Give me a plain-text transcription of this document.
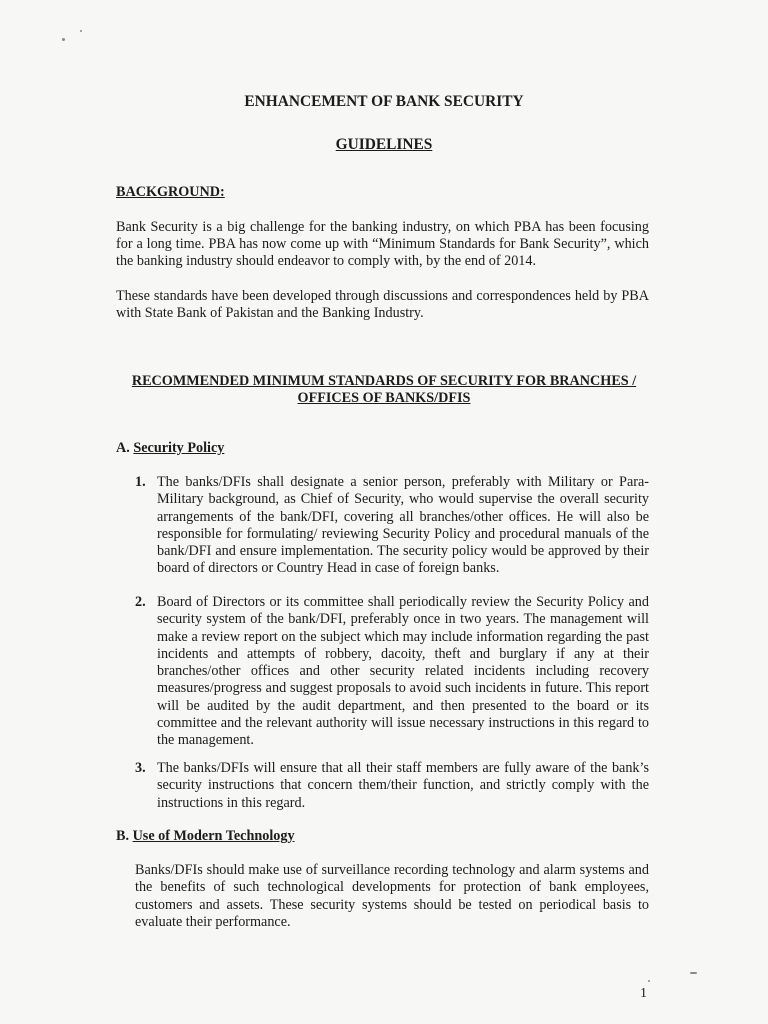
ENHANCEMENT OF BANK SECURITY
GUIDELINES
BACKGROUND:

Bank Security is a big challenge for the banking industry, on which PBA has been focusing for a long time. PBA has now come up with “Minimum Standards for Bank Security”, which the banking industry should endeavor to comply with, by the end of 2014.

These standards have been developed through discussions and correspondences held by PBA with State Bank of Pakistan and the Banking Industry.

RECOMMENDED MINIMUM STANDARDS OF SECURITY FOR BRANCHES /
OFFICES OF BANKS/DFIS
A. Security Policy
1. The banks/DFIs shall designate a senior person, preferably with Military or Para-Military background, as Chief of Security, who would supervise the overall security arrangements of the bank/DFI, covering all branches/other offices. He will also be responsible for formulating/ reviewing Security Policy and procedural manuals of the bank/DFI and ensure implementation. The security policy would be approved by their board of directors or Country Head in case of foreign banks.

2. Board of Directors or its committee shall periodically review the Security Policy and security system of the bank/DFI, preferably once in two years. The management will make a review report on the subject which may include information regarding the past incidents and attempts of robbery, dacoity, theft and burglary if any at their branches/other offices and other security related incidents including recovery measures/progress and suggest proposals to avoid such incidents in future. This report will be audited by the audit department, and then presented to the board or its committee and the relevant authority will issue necessary instructions in this regard to the management.

3. The banks/DFIs will ensure that all their staff members are fully aware of the bank’s security instructions that concern them/their function, and strictly comply with the instructions in this regard.

B. Use of Modern Technology

Banks/DFIs should make use of surveillance recording technology and alarm systems and the benefits of such technological developments for protection of bank employees, customers and assets. These security systems should be tested on periodical basis to evaluate their performance.

1
